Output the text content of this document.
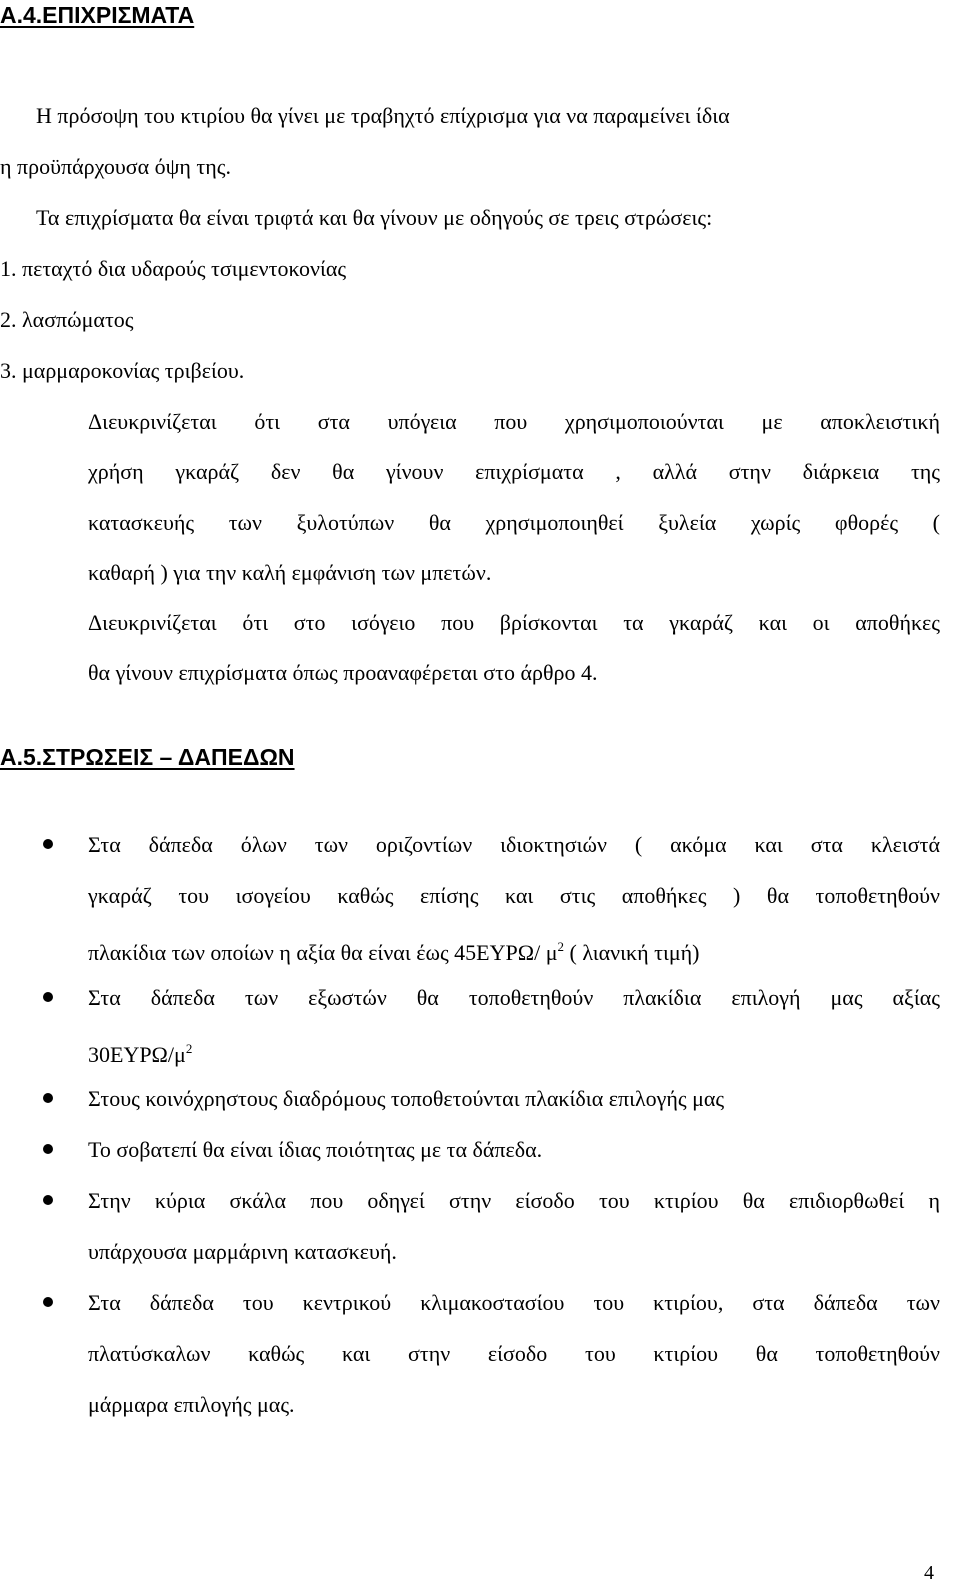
Α.4.ΕΠΙΧΡΙΣΜΑΤΑ
Η πρόσοψη του κτιρίου θα γίνει με τραβηχτό επίχρισμα για να παραμείνει ίδια
η προϋπάρχουσα όψη της.
Τα επιχρίσματα θα είναι τριφτά και θα γίνουν με οδηγούς σε τρεις στρώσεις:
1. πεταχτό δια υδαρούς τσιμεντοκονίας
2. λασπώματος
3. μαρμαροκονίας τριβείου.
Διευκρινίζεται ότι στα υπόγεια που χρησιμοποιούνται με αποκλειστική
χρήση γκαράζ δεν θα γίνουν επιχρίσματα , αλλά στην διάρκεια της
κατασκευής των ξυλοτύπων θα χρησιμοποιηθεί ξυλεία χωρίς φθορές (
καθαρή ) για την καλή εμφάνιση των μπετών.
Διευκρινίζεται ότι στο ισόγειο που βρίσκονται τα γκαράζ και οι αποθήκες
θα γίνουν επιχρίσματα όπως προαναφέρεται στο άρθρο 4.
Α.5.ΣΤΡΩΣΕΙΣ – ΔΑΠΕΔΩΝ
Στα δάπεδα όλων των οριζοντίων ιδιοκτησιών ( ακόμα και στα κλειστά
γκαράζ του ισογείου καθώς επίσης και στις αποθήκες ) θα τοποθετηθούν
πλακίδια των οποίων η αξία θα είναι έως 45ΕΥΡΩ/ $\mu^2$ ( λιανική τιμή)
Στα δάπεδα των εξωστών θα τοποθετηθούν πλακίδια επιλογή μας αξίας
$30E\Upsilon P\Omega/\mu^2$
Στους κοινόχρηστους διαδρόμους τοποθετούνται πλακίδια επιλογής μας
Το σοβατεπί θα είναι ίδιας ποιότητας με τα δάπεδα.
Στην κύρια σκάλα που οδηγεί στην είσοδο του κτιρίου θα επιδιορθωθεί η
υπάρχουσα μαρμάρινη κατασκευή.
Στα δάπεδα του κεντρικού κλιμακοστασίου του κτιρίου, στα δάπεδα των
πλατύσκαλων καθώς και στην είσοδο του κτιρίου θα τοποθετηθούν
μάρμαρα επιλογής μας.
4
